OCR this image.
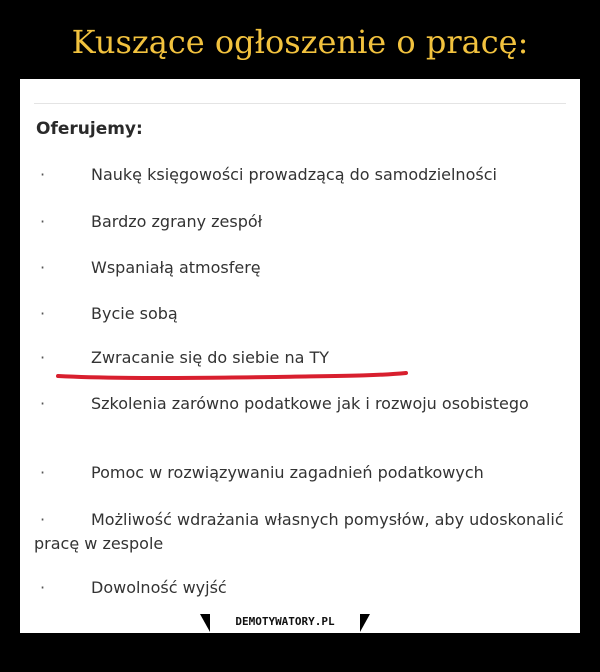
Kuszące ogłoszenie o pracę:
Oferujemy:
·	Naukę księgowości prowadzącą do samodzielności
·	Bardzo zgrany zespół
·	Wspaniałą atmosferę
·	Bycie sobą
·	Zwracanie się do siebie na TY
·	Szkolenia zarówno podatkowe jak i rozwoju osobistego
·	Pomoc w rozwiązywaniu zagadnień podatkowych
·	Możliwość wdrażania własnych pomysłów, aby udoskonalić pracę w zespole
·	Dowolność wyjść
DEMOTYWATORY.PL
